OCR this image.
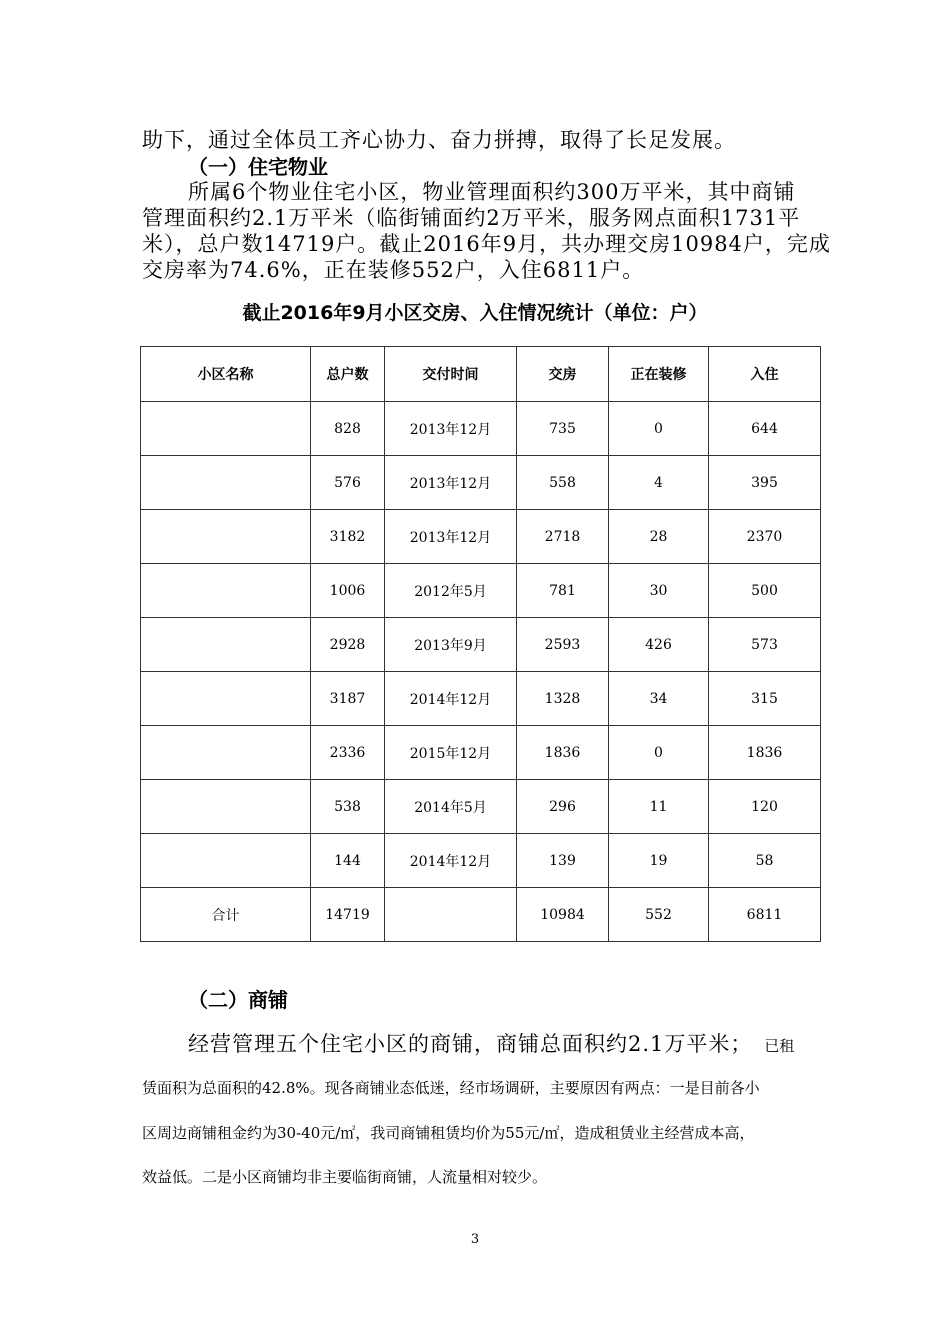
助下，通过全体员工齐心协力、奋力拼搏，取得了长足发展。
（一）住宅物业
所属6个物业住宅小区，物业管理面积约300万平米，其中商铺
管理面积约2.1万平米（临街铺面约2万平米，服务网点面积1731平
米），总户数14719户。截止2016年9月，共办理交房10984户，完成
交房率为74.6%，正在装修552户，入住6811户。
截止2016年9月小区交房、入住情况统计（单位：户）
小区名称	总户数	交付时间	交房	正在装修	入住
	828	2013年12月	735	0	644
	576	2013年12月	558	4	395
	3182	2013年12月	2718	28	2370
	1006	2012年5月	781	30	500
	2928	2013年9月	2593	426	573
	3187	2014年12月	1328	34	315
	2336	2015年12月	1836	0	1836
	538	2014年5月	296	11	120
	144	2014年12月	139	19	58
合计	14719		10984	552	6811
（二）商铺
经营管理五个住宅小区的商铺，商铺总面积约2.1万平米； 已租
赁面积为总面积的42.8%。现各商铺业态低迷，经市场调研，主要原因有两点：一是目前各小
区周边商铺租金约为30-40元/㎡，我司商铺租赁均价为55元/㎡，造成租赁业主经营成本高，
效益低。二是小区商铺均非主要临街商铺，人流量相对较少。
3
